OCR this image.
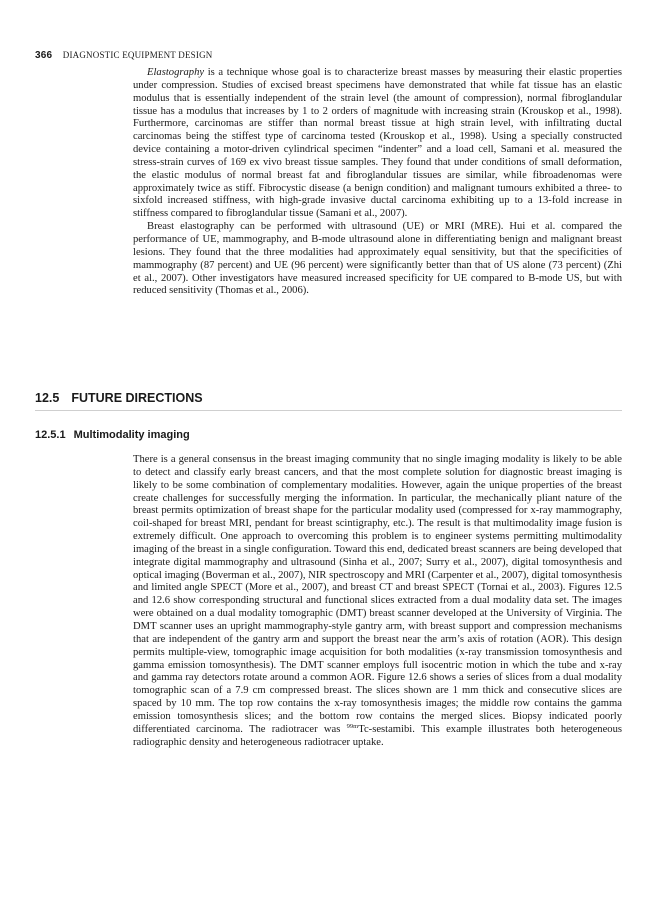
366 DIAGNOSTIC EQUIPMENT DESIGN

Elastography is a technique whose goal is to characterize breast masses by measuring their elastic properties under compression. Studies of excised breast specimens have demonstrated that while fat tissue has an elastic modulus that is essentially independent of the strain level (the amount of compression), normal fibroglandular tissue has a modulus that increases by 1 to 2 orders of magnitude with increasing strain (Krouskop et al., 1998). Furthermore, carcinomas are stiffer than normal breast tissue at high strain level, with infiltrating ductal carcinomas being the stiffest type of carcinoma tested (Krouskop et al., 1998). Using a specially constructed device containing a motor-driven cylindrical specimen “indenter” and a load cell, Samani et al. measured the stress-strain curves of 169 ex vivo breast tissue samples. They found that under conditions of small deformation, the elastic modulus of normal breast fat and fibroglandular tissues are similar, while fibroadenomas were approximately twice as stiff. Fibrocystic disease (a benign condition) and malignant tumours exhibited a three- to sixfold increased stiffness, with high-grade invasive ductal carcinoma exhibiting up to a 13-fold increase in stiffness compared to fibroglandular tissue (Samani et al., 2007).

Breast elastography can be performed with ultrasound (UE) or MRI (MRE). Hui et al. compared the performance of UE, mammography, and B-mode ultrasound alone in differentiating benign and malignant breast lesions. They found that the three modalities had approximately equal sensitivity, but that the specificities of mammography (87 percent) and UE (96 percent) were significantly better than that of US alone (73 percent) (Zhi et al., 2007). Other investigators have measured increased specificity for UE compared to B-mode US, but with reduced sensitivity (Thomas et al., 2006).

12.5 FUTURE DIRECTIONS
12.5.1 Multimodality imaging

There is a general consensus in the breast imaging community that no single imaging modality is likely to be able to detect and classify early breast cancers, and that the most complete solution for diagnostic breast imaging is likely to be some combination of complementary modalities. However, again the unique properties of the breast create challenges for successfully merging the information. In particular, the mechanically pliant nature of the breast permits optimization of breast shape for the particular modality used (compressed for x-ray mammography, coil-shaped for breast MRI, pendant for breast scintigraphy, etc.). The result is that multimodality image fusion is extremely difficult. One approach to overcoming this problem is to engineer systems permitting multimodality imaging of the breast in a single configuration. Toward this end, dedicated breast scanners are being developed that integrate digital mammography and ultrasound (Sinha et al., 2007; Surry et al., 2007), digital tomosynthesis and optical imaging (Boverman et al., 2007), NIR spectroscopy and MRI (Carpenter et al., 2007), digital tomosynthesis and limited angle SPECT (More et al., 2007), and breast CT and breast SPECT (Tornai et al., 2003). Figures 12.5 and 12.6 show corresponding structural and functional slices extracted from a dual modality data set. The images were obtained on a dual modality tomographic (DMT) breast scanner developed at the University of Virginia. The DMT scanner uses an upright mammography-style gantry arm, with breast support and compression mechanisms that are independent of the gantry arm and support the breast near the arm’s axis of rotation (AOR). This design permits multiple-view, tomographic image acquisition for both modalities (x-ray transmission tomosynthesis and gamma emission tomosynthesis). The DMT scanner employs full isocentric motion in which the tube and x-ray and gamma ray detectors rotate around a common AOR. Figure 12.6 shows a series of slices from a dual modality tomographic scan of a 7.9 cm compressed breast. The slices shown are 1 mm thick and consecutive slices are spaced by 10 mm. The top row contains the x-ray tomosynthesis images; the middle row contains the gamma emission tomosynthesis slices; and the bottom row contains the merged slices. Biopsy indicated poorly differentiated carcinoma. The radiotracer was $^{99m}$Tc-sestamibi. This example illustrates both heterogeneous radiographic density and heterogeneous radiotracer uptake.
